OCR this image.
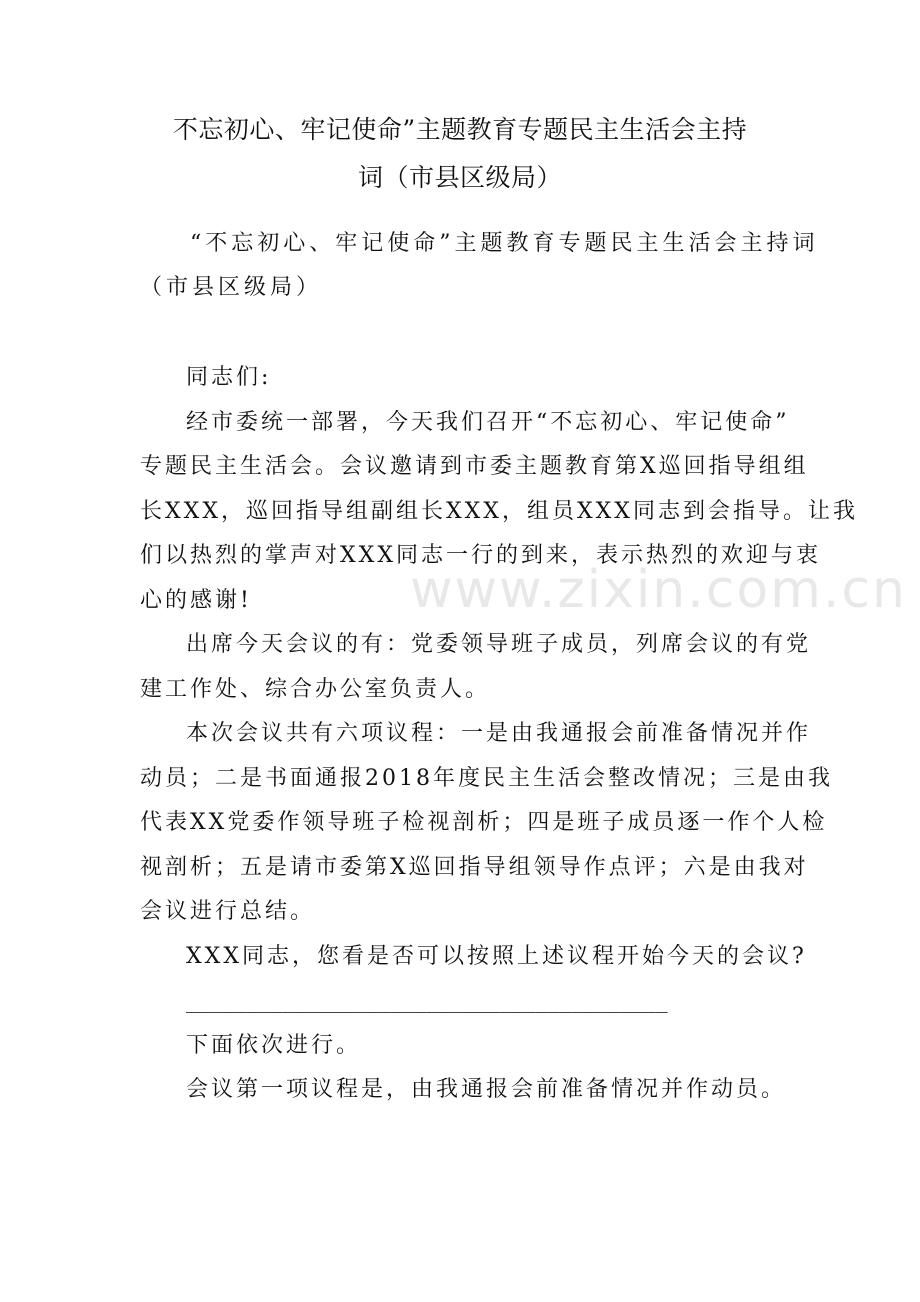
www.zixin.com.cn
不忘初心、牢记使命”主题教育专题民主生活会主持
词（市县区级局）
“不忘初心、牢记使命”主题教育专题民主生活会主持词
（市县区级局）
同志们:
经市委统一部署，今天我们召开“不忘初心、牢记使命”
专题民主生活会。会议邀请到市委主题教育第X巡回指导组组
长XXX，巡回指导组副组长XXX，组员XXX同志到会指导。让我
们以热烈的掌声对XXX同志一行的到来，表示热烈的欢迎与衷
心的感谢!
出席今天会议的有：党委领导班子成员，列席会议的有党
建工作处、综合办公室负责人。
本次会议共有六项议程：一是由我通报会前准备情况并作
动员；二是书面通报2018年度民主生活会整改情况；三是由我
代表XX党委作领导班子检视剖析；四是班子成员逐一作个人检
视剖析；五是请市委第X巡回指导组领导作点评；六是由我对
会议进行总结。
XXX同志，您看是否可以按照上述议程开始今天的会议?
________________________________________
下面依次进行。
会议第一项议程是，由我通报会前准备情况并作动员。
